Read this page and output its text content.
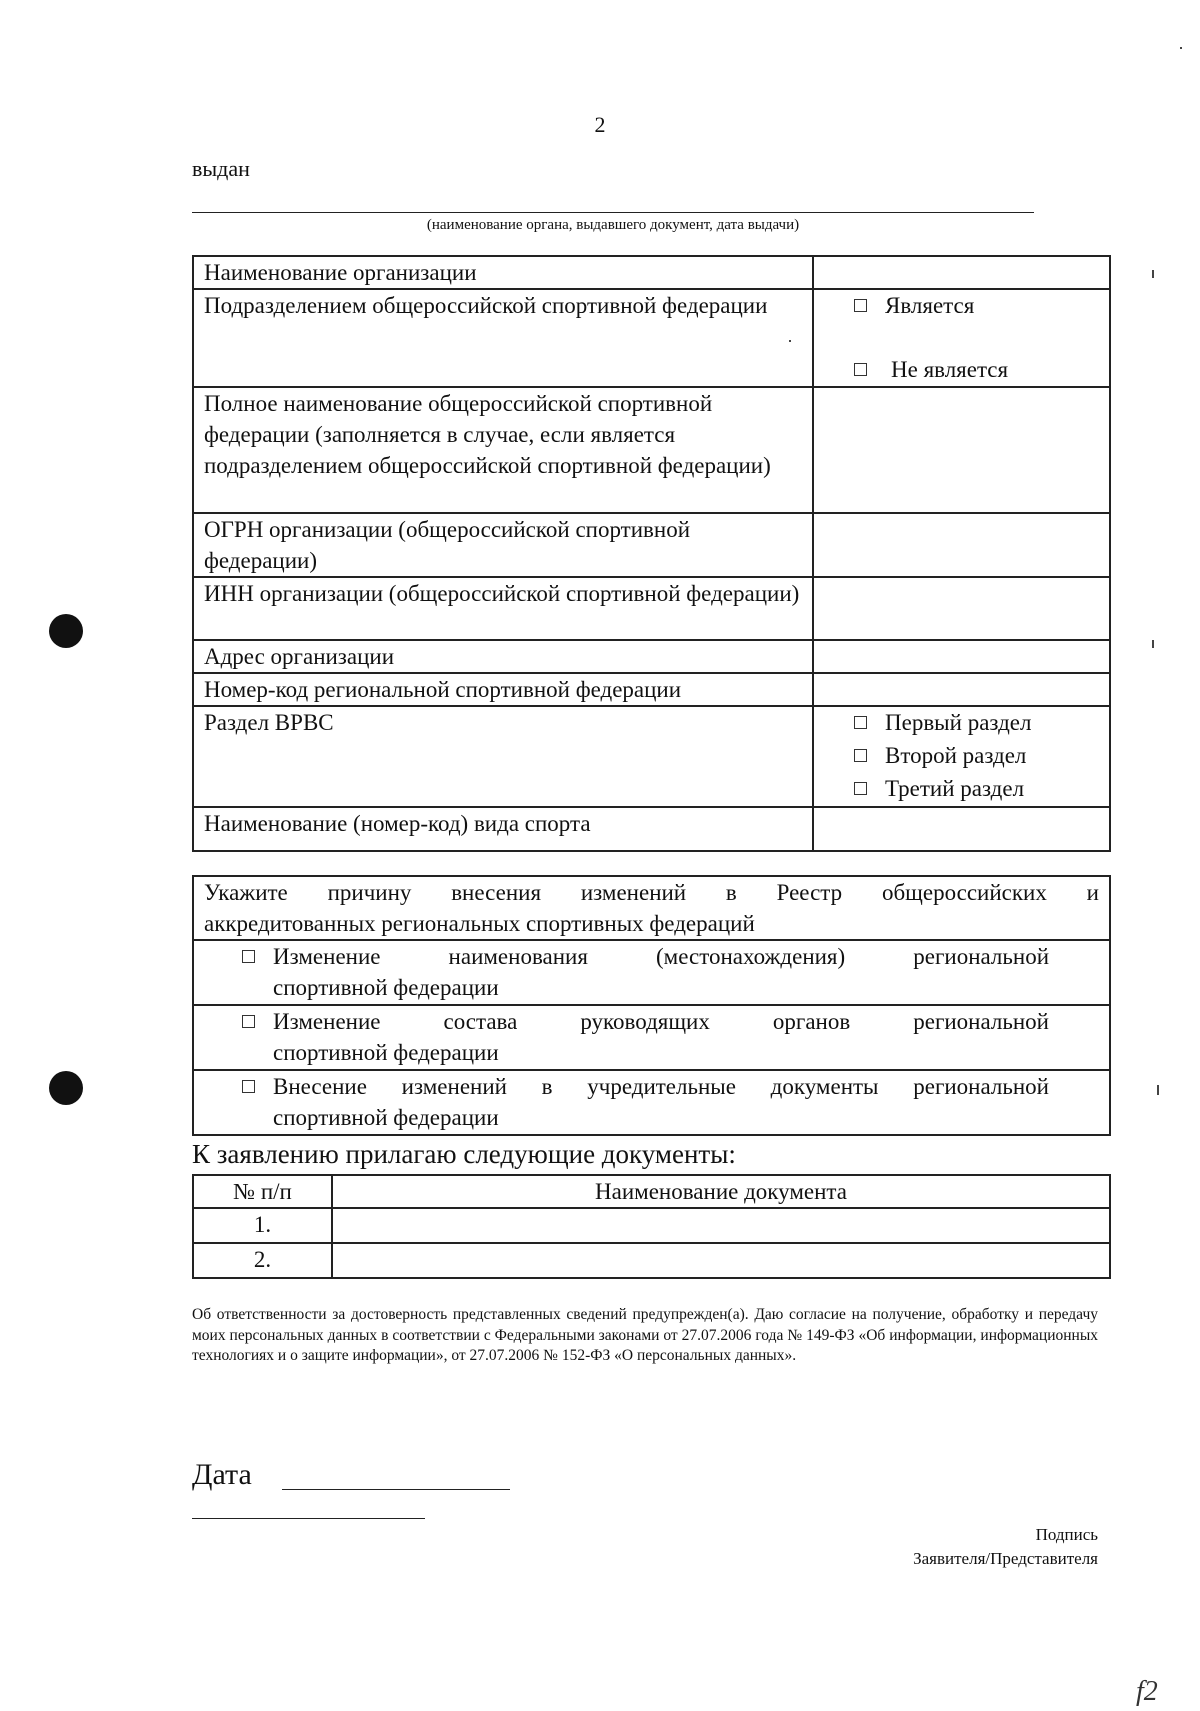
2
выдан
(наименование органа, выдавшего документ, дата выдачи)
Наименование организации	
Подразделением общероссийской спортивной федерации	Является
Не является

Полное наименование общероссийской спортивной федерации (заполняется в случае, если является подразделением общероссийской спортивной федерации)	
ОГРН организации (общероссийской спортивной федерации)	
ИНН организации (общероссийской спортивной федерации)	
Адрес организации	
Номер-код региональной спортивной федерации	
Раздел ВРВС	Первый раздел
Второй раздел
Третий раздел

Наименование (номер-код) вида спорта	
Укажите причину внесения изменений в Реестр общероссийских и
аккредитованных региональных спортивных федераций

Изменение наименования (местонахождения) региональной
спортивной федерации

Изменение состава руководящих органов региональной
спортивной федерации

Внесение изменений в учредительные документы региональной
спортивной федерации
К заявлению прилагаю следующие документы:
№ п/п	Наименование документа
1.	
2.	
Об ответственности за достоверность представленных сведений предупрежден(а). Даю согласие на получение, обработку и передачу моих персональных данных в соответствии с Федеральными законами от 27.07.2006 года № 149-ФЗ «Об информации, информационных технологиях и о защите информации», от 27.07.2006 № 152-ФЗ «О персональных данных».
Дата
Подпись
Заявителя/Представителя
f2
